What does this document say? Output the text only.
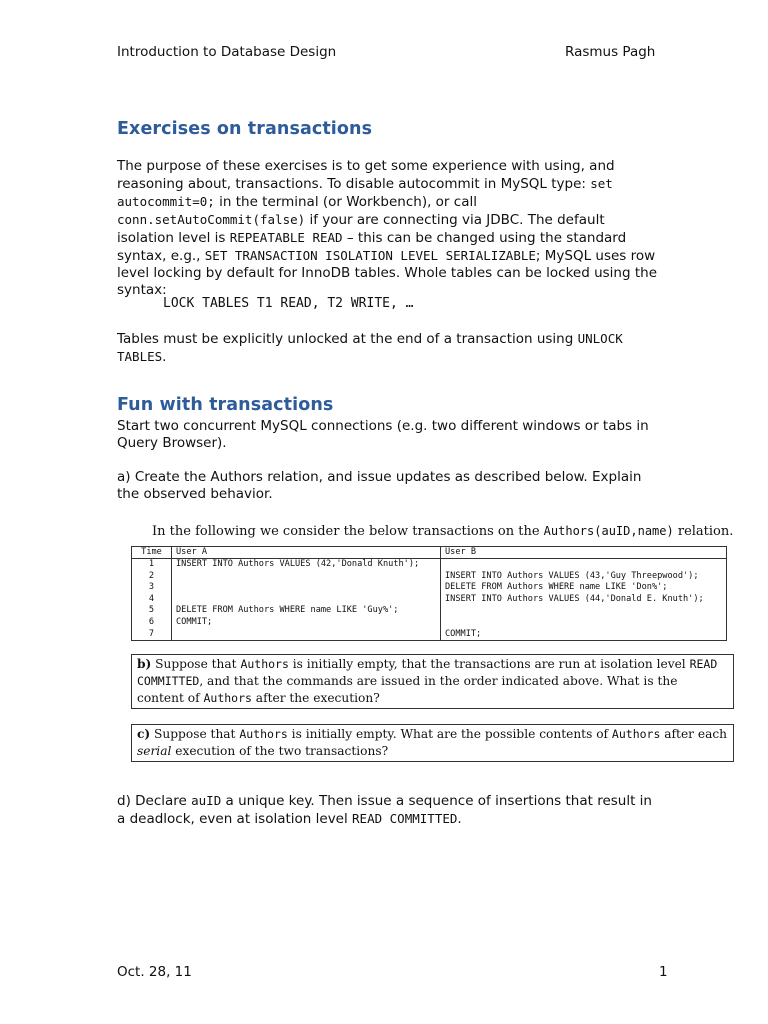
Introduction to Database Design	Rasmus Pagh
Exercises on transactions
The purpose of these exercises is to get some experience with using, and reasoning about, transactions. To disable autocommit in MySQL type: set autocommit=0; in the terminal (or Workbench), or call conn.setAutoCommit(false) if your are connecting via JDBC. The default isolation level is REPEATABLE READ – this can be changed using the standard syntax, e.g., SET TRANSACTION ISOLATION LEVEL SERIALIZABLE; MySQL uses row level locking by default for InnoDB tables. Whole tables can be locked using the syntax:
LOCK TABLES T1 READ, T2 WRITE, …
Tables must be explicitly unlocked at the end of a transaction using UNLOCK TABLES.
Fun with transactions
Start two concurrent MySQL connections (e.g. two different windows or tabs in Query Browser).
a) Create the Authors relation, and issue updates as described below. Explain the observed behavior.
In the following we consider the below transactions on the Authors(auID,name) relation.
Time	User A	User B
1	INSERT INTO Authors VALUES (42,'Donald Knuth');	
2		INSERT INTO Authors VALUES (43,'Guy Threepwood');
3		DELETE FROM Authors WHERE name LIKE 'Don%';
4		INSERT INTO Authors VALUES (44,'Donald E. Knuth');
5	DELETE FROM Authors WHERE name LIKE 'Guy%';	
6	COMMIT;	
7		COMMIT;
b) Suppose that Authors is initially empty, that the transactions are run at isolation level READ COMMITTED, and that the commands are issued in the order indicated above. What is the content of Authors after the execution?
c) Suppose that Authors is initially empty. What are the possible contents of Authors after each serial execution of the two transactions?
d) Declare auID a unique key. Then issue a sequence of insertions that result in a deadlock, even at isolation level READ COMMITTED.
Oct. 28, 11	1
